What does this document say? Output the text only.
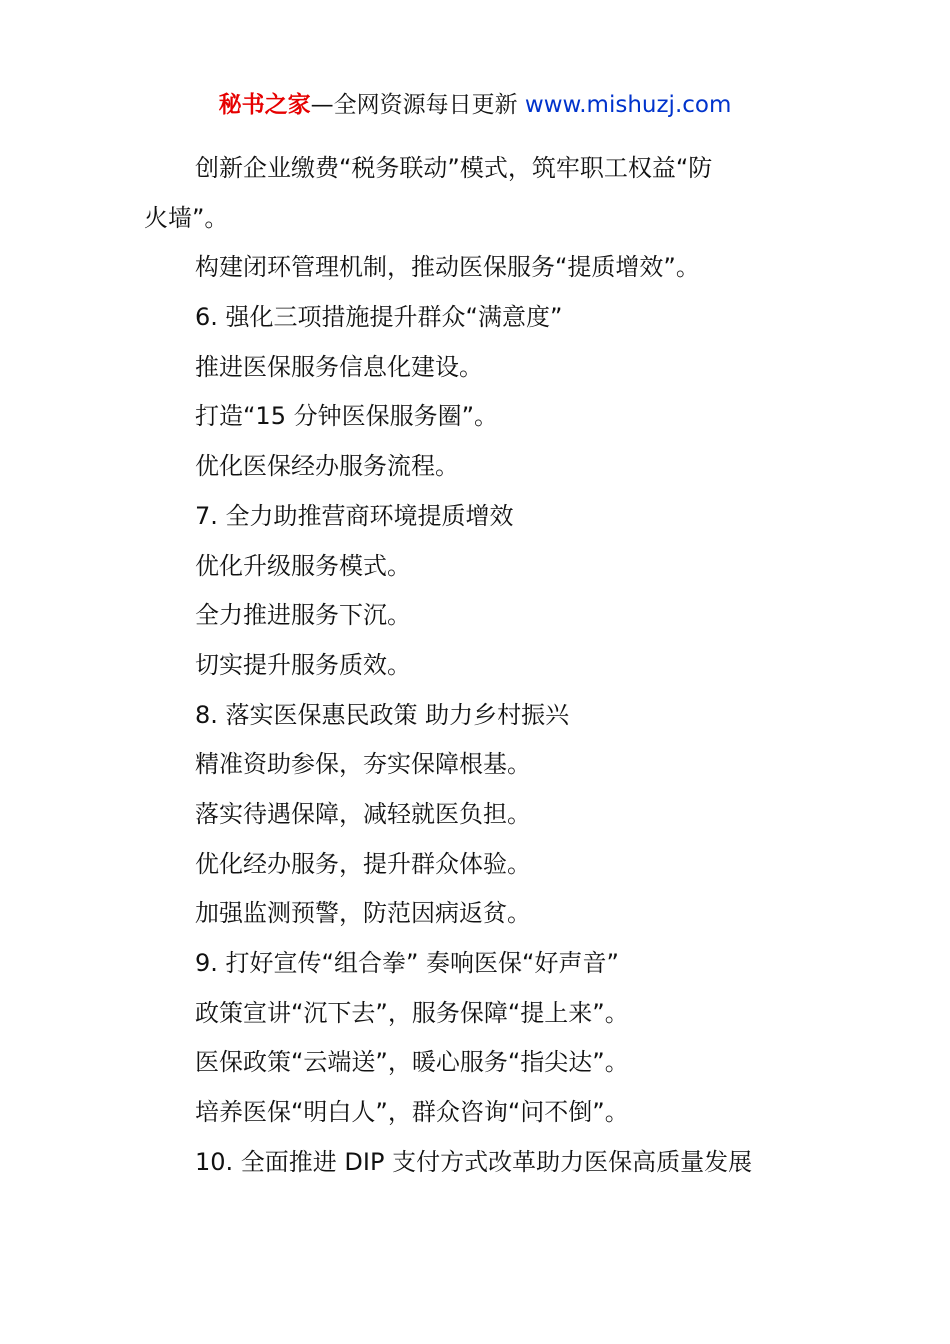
秘书之家—全网资源每日更新 www.mishuzj.com
创新企业缴费“税务联动”模式，筑牢职工权益“防
火墙”。
构建闭环管理机制，推动医保服务“提质增效”。
6. 强化三项措施提升群众“满意度”
推进医保服务信息化建设。
打造“15 分钟医保服务圈”。
优化医保经办服务流程。
7. 全力助推营商环境提质增效
优化升级服务模式。
全力推进服务下沉。
切实提升服务质效。
8. 落实医保惠民政策 助力乡村振兴
精准资助参保，夯实保障根基。
落实待遇保障，减轻就医负担。
优化经办服务，提升群众体验。
加强监测预警，防范因病返贫。
9. 打好宣传“组合拳” 奏响医保“好声音”
政策宣讲“沉下去”，服务保障“提上来”。
医保政策“云端送”，暖心服务“指尖达”。
培养医保“明白人”，群众咨询“问不倒”。
10. 全面推进 DIP 支付方式改革助力医保高质量发展
